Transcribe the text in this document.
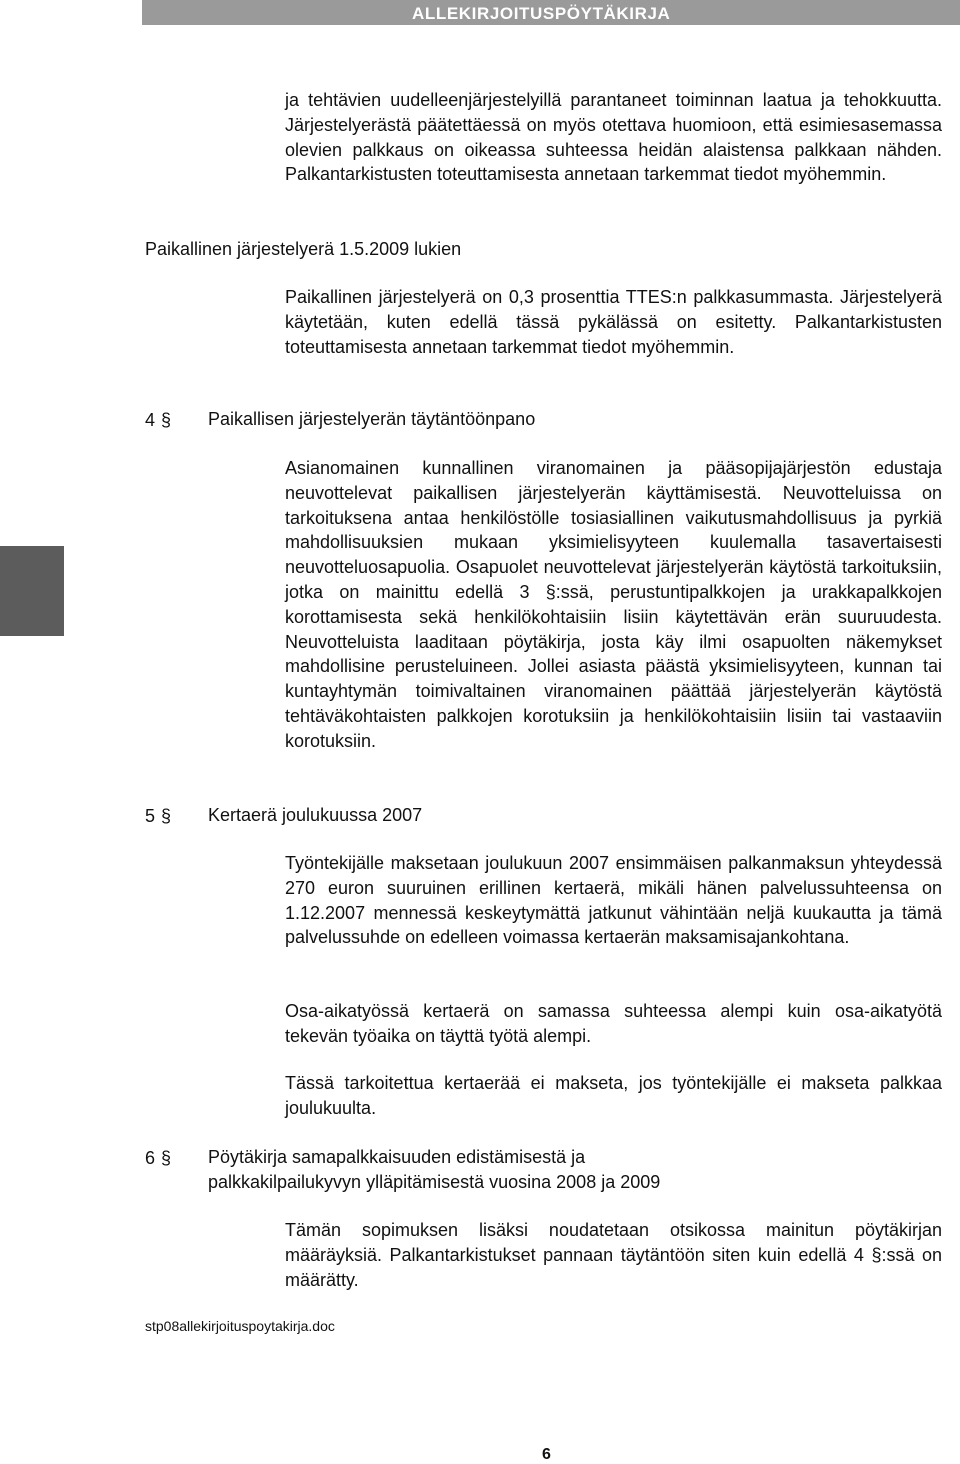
ALLEKIRJOITUSPÖYTÄKIRJA

ja tehtävien uudelleenjärjestelyillä parantaneet toiminnan laatua ja tehokkuutta. Järjestelyerästä päätettäessä on myös otettava huomioon, että esimiesasemassa olevien palkkaus on oikeassa suhteessa heidän alaistensa palkkaan nähden. Palkantarkistusten toteuttamisesta annetaan tarkemmat tiedot myöhemmin.

Paikallinen järjestelyerä 1.5.2009 lukien

Paikallinen järjestelyerä on 0,3 prosenttia TTES:n palkkasummasta. Järjestelyerä käytetään, kuten edellä tässä pykälässä on esitetty. Palkantarkistusten toteuttamisesta annetaan tarkemmat tiedot myöhemmin.

4 § Paikallisen järjestelyerän täytäntöönpano

Asianomainen kunnallinen viranomainen ja pääsopijajärjestön edustaja neuvottelevat paikallisen järjestelyerän käyttämisestä. Neuvotteluissa on tarkoituksena antaa henkilöstölle tosiasiallinen vaikutusmahdollisuus ja pyrkiä mahdollisuuksien mukaan yksimielisyyteen kuulemalla tasavertaisesti neuvotteluosapuolia. Osapuolet neuvottelevat järjestelyerän käytöstä tarkoituksiin, jotka on mainittu edellä 3 §:ssä, perustuntipalkkojen ja urakkapalkkojen korottamisesta sekä henkilökohtaisiin lisiin käytettävän erän suuruudesta. Neuvotteluista laaditaan pöytäkirja, josta käy ilmi osapuolten näkemykset mahdollisine perusteluineen. Jollei asiasta päästä yksimielisyyteen, kunnan tai kuntayhtymän toimivaltainen viranomainen päättää järjestelyerän käytöstä tehtäväkohtaisten palkkojen korotuksiin ja henkilökohtaisiin lisiin tai vastaaviin korotuksiin.

5 § Kertaerä joulukuussa 2007

Työntekijälle maksetaan joulukuun 2007 ensimmäisen palkanmaksun yhteydessä 270 euron suuruinen erillinen kertaerä, mikäli hänen palvelussuhteensa on 1.12.2007 mennessä keskeytymättä jatkunut vähintään neljä kuukautta ja tämä palvelussuhde on edelleen voimassa kertaerän maksamisajankohtana.

Osa-aikatyössä kertaerä on samassa suhteessa alempi kuin osa-aikatyötä tekevän työaika on täyttä työtä alempi.

Tässä tarkoitettua kertaerää ei makseta, jos työntekijälle ei makseta palkkaa joulukuulta.

6 § Pöytäkirja samapalkkaisuuden edistämisestä ja
palkkakilpailukyvyn ylläpitämisestä vuosina 2008 ja 2009

Tämän sopimuksen lisäksi noudatetaan otsikossa mainitun pöytäkirjan määräyksiä. Palkantarkistukset pannaan täytäntöön siten kuin edellä 4 §:ssä on määrätty.

stp08allekirjoituspoytakirja.doc
6
